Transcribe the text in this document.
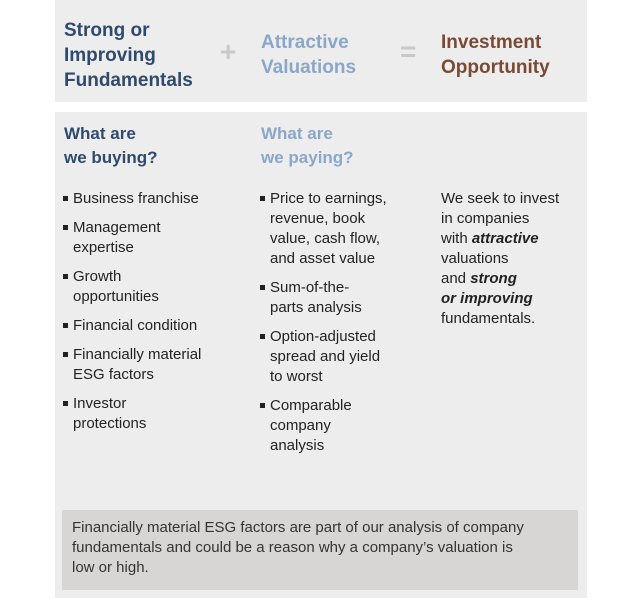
Strong or
Improving
Fundamentals
+ Attractive
Valuations
= Investment
Opportunity
What are
we buying?
Business franchise
Management
expertise
Growth
opportunities
Financial condition
Financially material
ESG factors
Investor
protections
What are
we paying?
Price to earnings,
revenue, book
value, cash flow,
and asset value
Sum-of-the-
parts analysis
Option-adjusted
spread and yield
to worst
Comparable
company
analysis
We seek to invest
in companies
with attractive
valuations
and strong
or improving
fundamentals.
Financially material ESG factors are part of our analysis of company
fundamentals and could be a reason why a company’s valuation is
low or high.
